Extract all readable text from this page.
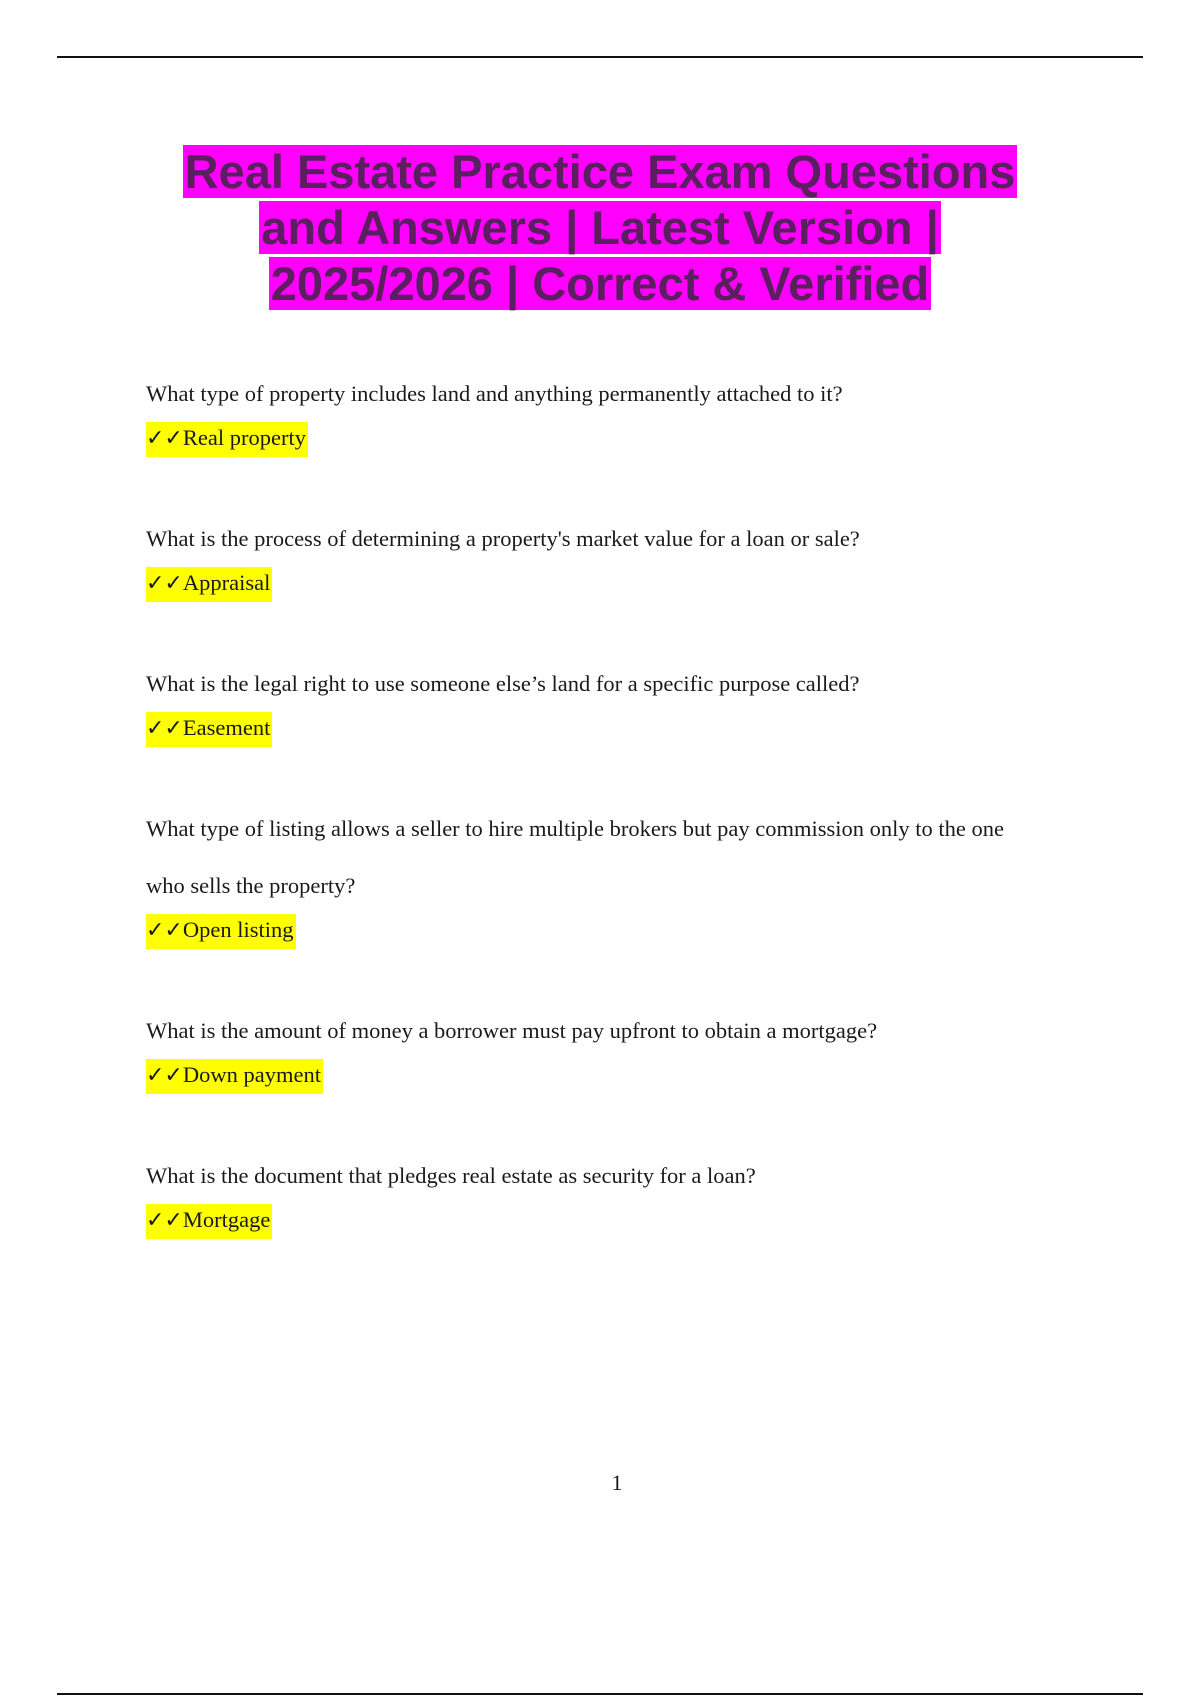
Real Estate Practice Exam Questions
and Answers | Latest Version |
2025/2026 | Correct & Verified

What type of property includes land and anything permanently attached to it?

✓✓Real property

What is the process of determining a property's market value for a loan or sale?

✓✓Appraisal

What is the legal right to use someone else’s land for a specific purpose called?

✓✓Easement

What type of listing allows a seller to hire multiple brokers but pay commission only to the one

who sells the property?

✓✓Open listing

What is the amount of money a borrower must pay upfront to obtain a mortgage?

✓✓Down payment

What is the document that pledges real estate as security for a loan?

✓✓Mortgage
1
